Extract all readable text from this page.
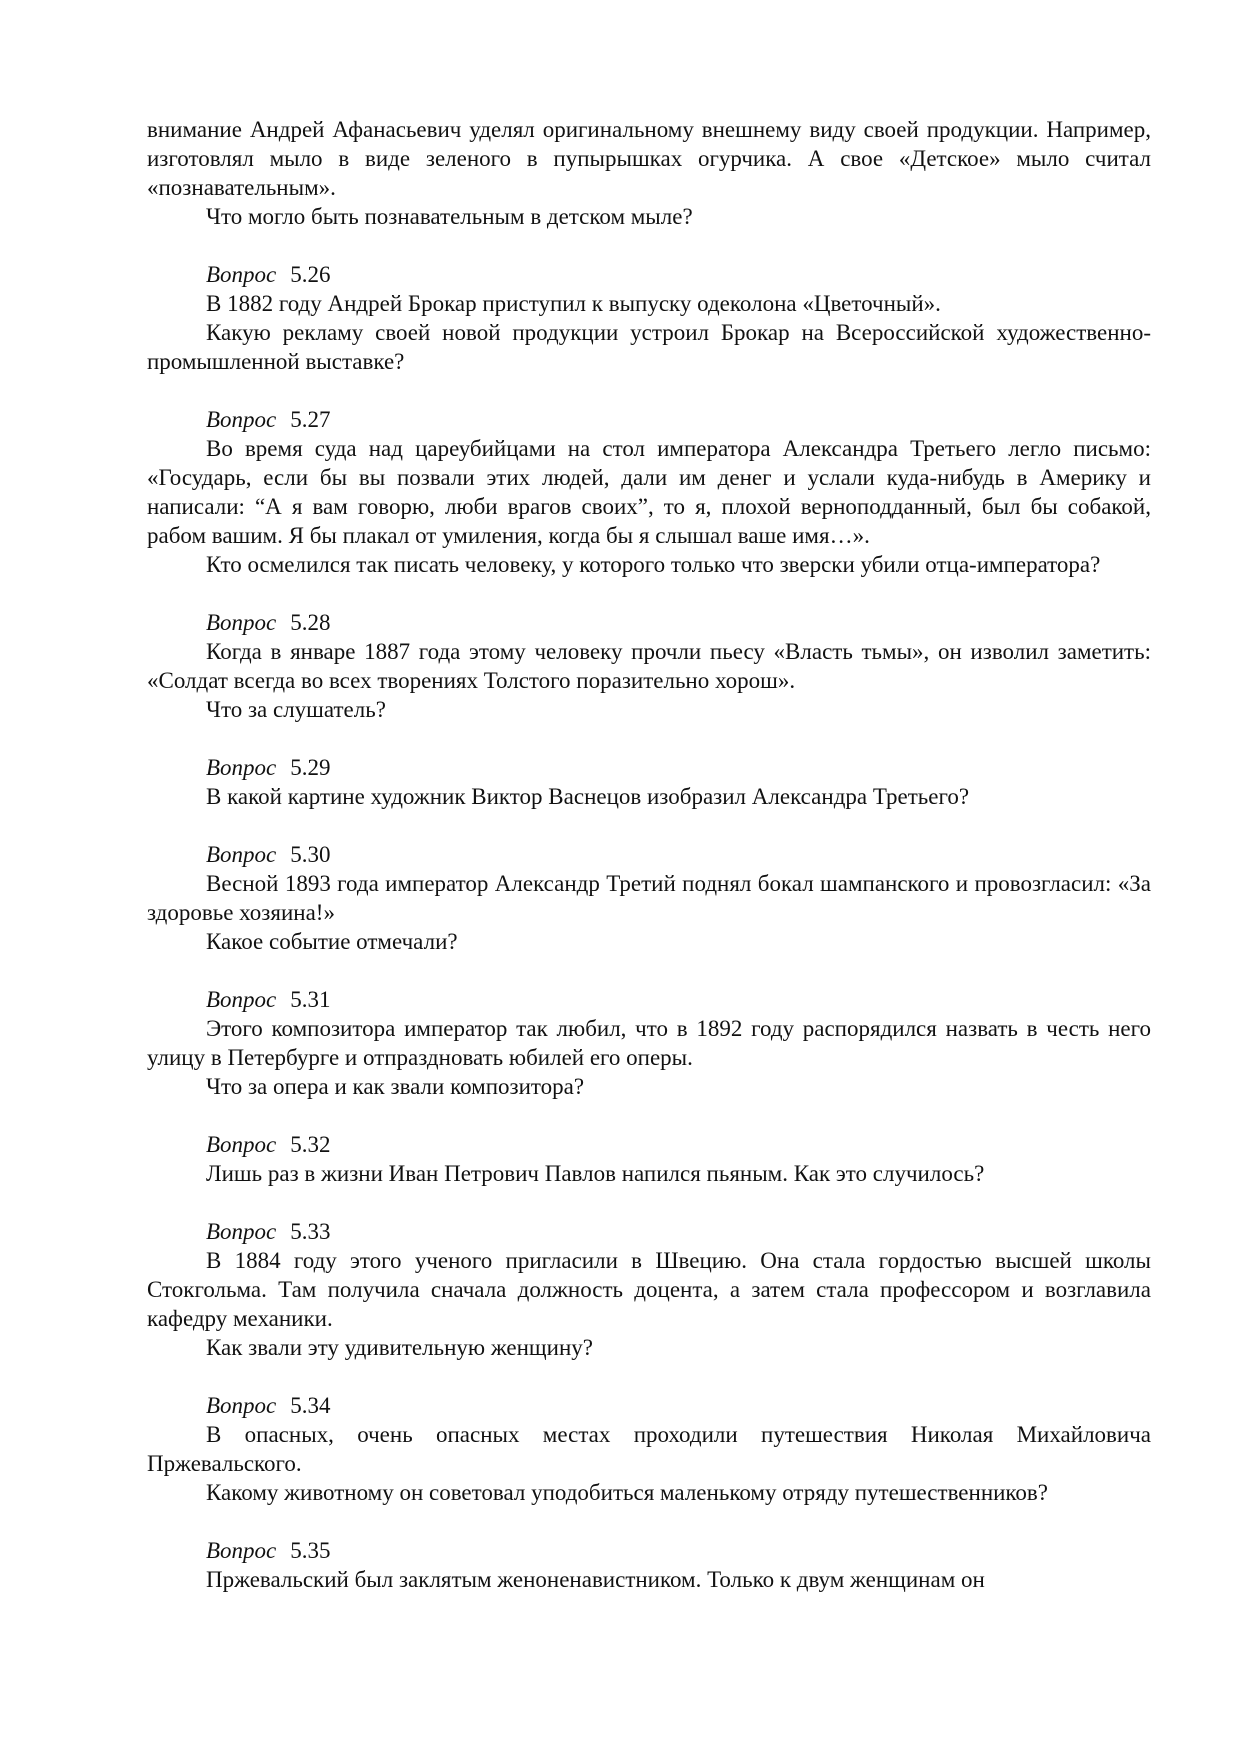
внимание Андрей Афанасьевич уделял оригинальному внешнему виду своей продукции. Например, изготовлял мыло в виде зеленого в пупырышках огурчика. А свое «Детское» мыло считал «познавательным».

Что могло быть познавательным в детском мыле?

Вопрос 5.26

В 1882 году Андрей Брокар приступил к выпуску одеколона «Цветочный».

Какую рекламу своей новой продукции устроил Брокар на Всероссийской художественно-промышленной выставке?

Вопрос 5.27

Во время суда над цареубийцами на стол императора Александра Третьего легло письмо: «Государь, если бы вы позвали этих людей, дали им денег и услали куда-нибудь в Америку и написали: “А я вам говорю, люби врагов своих”, то я, плохой верноподданный, был бы собакой, рабом вашим. Я бы плакал от умиления, когда бы я слышал ваше имя…».

Кто осмелился так писать человеку, у которого только что зверски убили отца-императора?

Вопрос 5.28

Когда в январе 1887 года этому человеку прочли пьесу «Власть тьмы», он изволил заметить: «Солдат всегда во всех творениях Толстого поразительно хорош».

Что за слушатель?

Вопрос 5.29

В какой картине художник Виктор Васнецов изобразил Александра Третьего?

Вопрос 5.30

Весной 1893 года император Александр Третий поднял бокал шампанского и провозгласил: «За здоровье хозяина!»

Какое событие отмечали?

Вопрос 5.31

Этого композитора император так любил, что в 1892 году распорядился назвать в честь него улицу в Петербурге и отпраздновать юбилей его оперы.

Что за опера и как звали композитора?

Вопрос 5.32

Лишь раз в жизни Иван Петрович Павлов напился пьяным. Как это случилось?

Вопрос 5.33

В 1884 году этого ученого пригласили в Швецию. Она стала гордостью высшей школы Стокгольма. Там получила сначала должность доцента, а затем стала профессором и возглавила кафедру механики.

Как звали эту удивительную женщину?

Вопрос 5.34

В опасных, очень опасных местах проходили путешествия Николая Михайловича Пржевальского.

Какому животному он советовал уподобиться маленькому отряду путешественников?

Вопрос 5.35

Пржевальский был заклятым женоненавистником. Только к двум женщинам он
